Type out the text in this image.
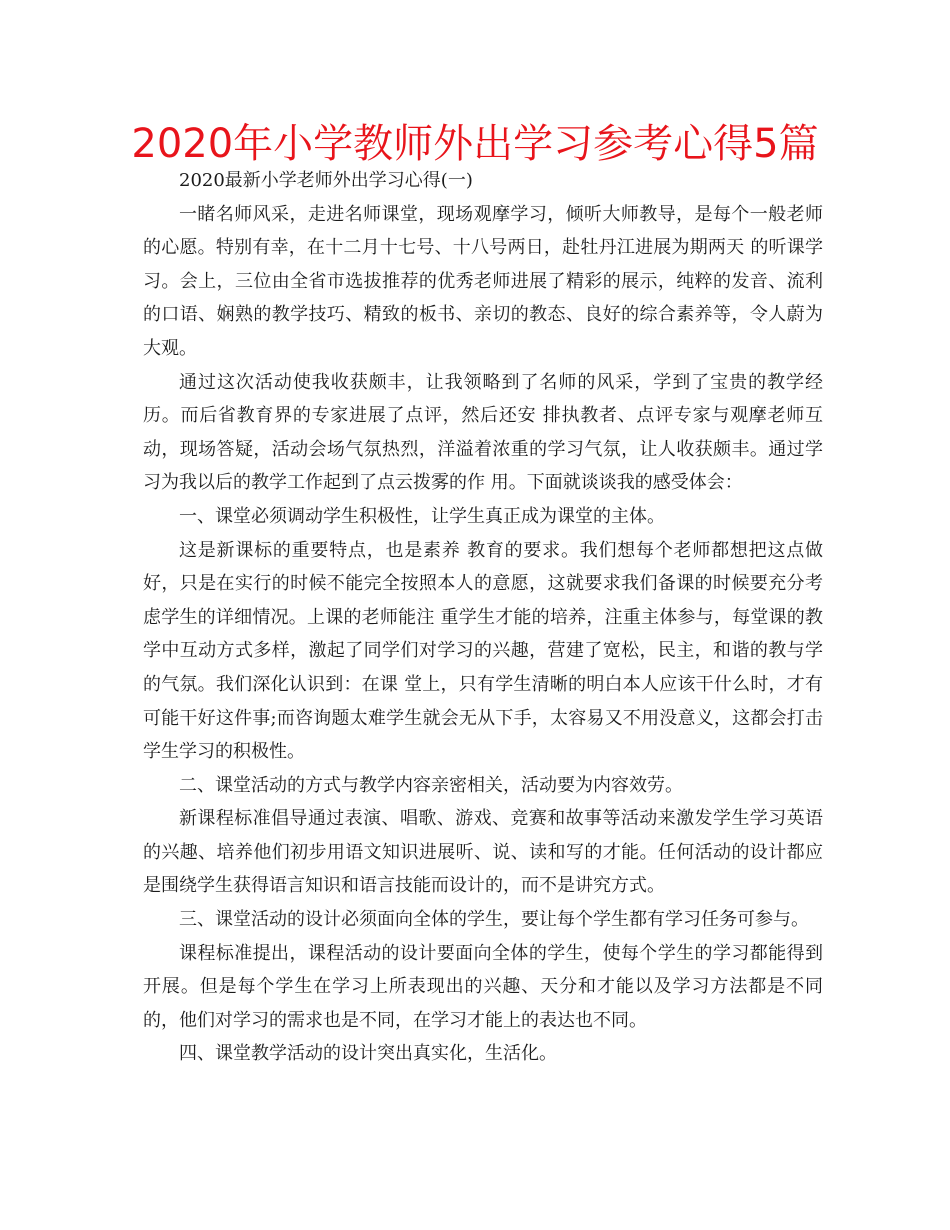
2020年小学教师外出学习参考心得5篇

2020最新小学老师外出学习心得(一)

一睹名师风采，走进名师课堂，现场观摩学习，倾听大师教导，是每个一般老师的心愿。特别有幸，在十二月十七号、十八号两日，赴牡丹江进展为期两天 的听课学习。会上，三位由全省市选拔推荐的优秀老师进展了精彩的展示，纯粹的发音、流利的口语、娴熟的教学技巧、精致的板书、亲切的教态、良好的综合素养等，令人蔚为大观。

通过这次活动使我收获颇丰，让我领略到了名师的风采，学到了宝贵的教学经历。而后省教育界的专家进展了点评，然后还安 排执教者、点评专家与观摩老师互动，现场答疑，活动会场气氛热烈，洋溢着浓重的学习气氛，让人收获颇丰。通过学习为我以后的教学工作起到了点云拨雾的作 用。下面就谈谈我的感受体会：

一、课堂必须调动学生积极性，让学生真正成为课堂的主体。

这是新课标的重要特点，也是素养 教育的要求。我们想每个老师都想把这点做好，只是在实行的时候不能完全按照本人的意愿，这就要求我们备课的时候要充分考虑学生的详细情况。上课的老师能注 重学生才能的培养，注重主体参与，每堂课的教学中互动方式多样，激起了同学们对学习的兴趣，营建了宽松，民主，和谐的教与学的气氛。我们深化认识到：在课 堂上，只有学生清晰的明白本人应该干什么时，才有可能干好这件事;而咨询题太难学生就会无从下手，太容易又不用没意义，这都会打击学生学习的积极性。

二、课堂活动的方式与教学内容亲密相关，活动要为内容效劳。

新课程标准倡导通过表演、唱歌、游戏、竞赛和故事等活动来激发学生学习英语的兴趣、培养他们初步用语文知识进展听、说、读和写的才能。任何活动的设计都应是围绕学生获得语言知识和语言技能而设计的，而不是讲究方式。

三、课堂活动的设计必须面向全体的学生，要让每个学生都有学习任务可参与。

课程标准提出，课程活动的设计要面向全体的学生，使每个学生的学习都能得到开展。但是每个学生在学习上所表现出的兴趣、天分和才能以及学习方法都是不同的，他们对学习的需求也是不同，在学习才能上的表达也不同。

四、课堂教学活动的设计突出真实化，生活化。
